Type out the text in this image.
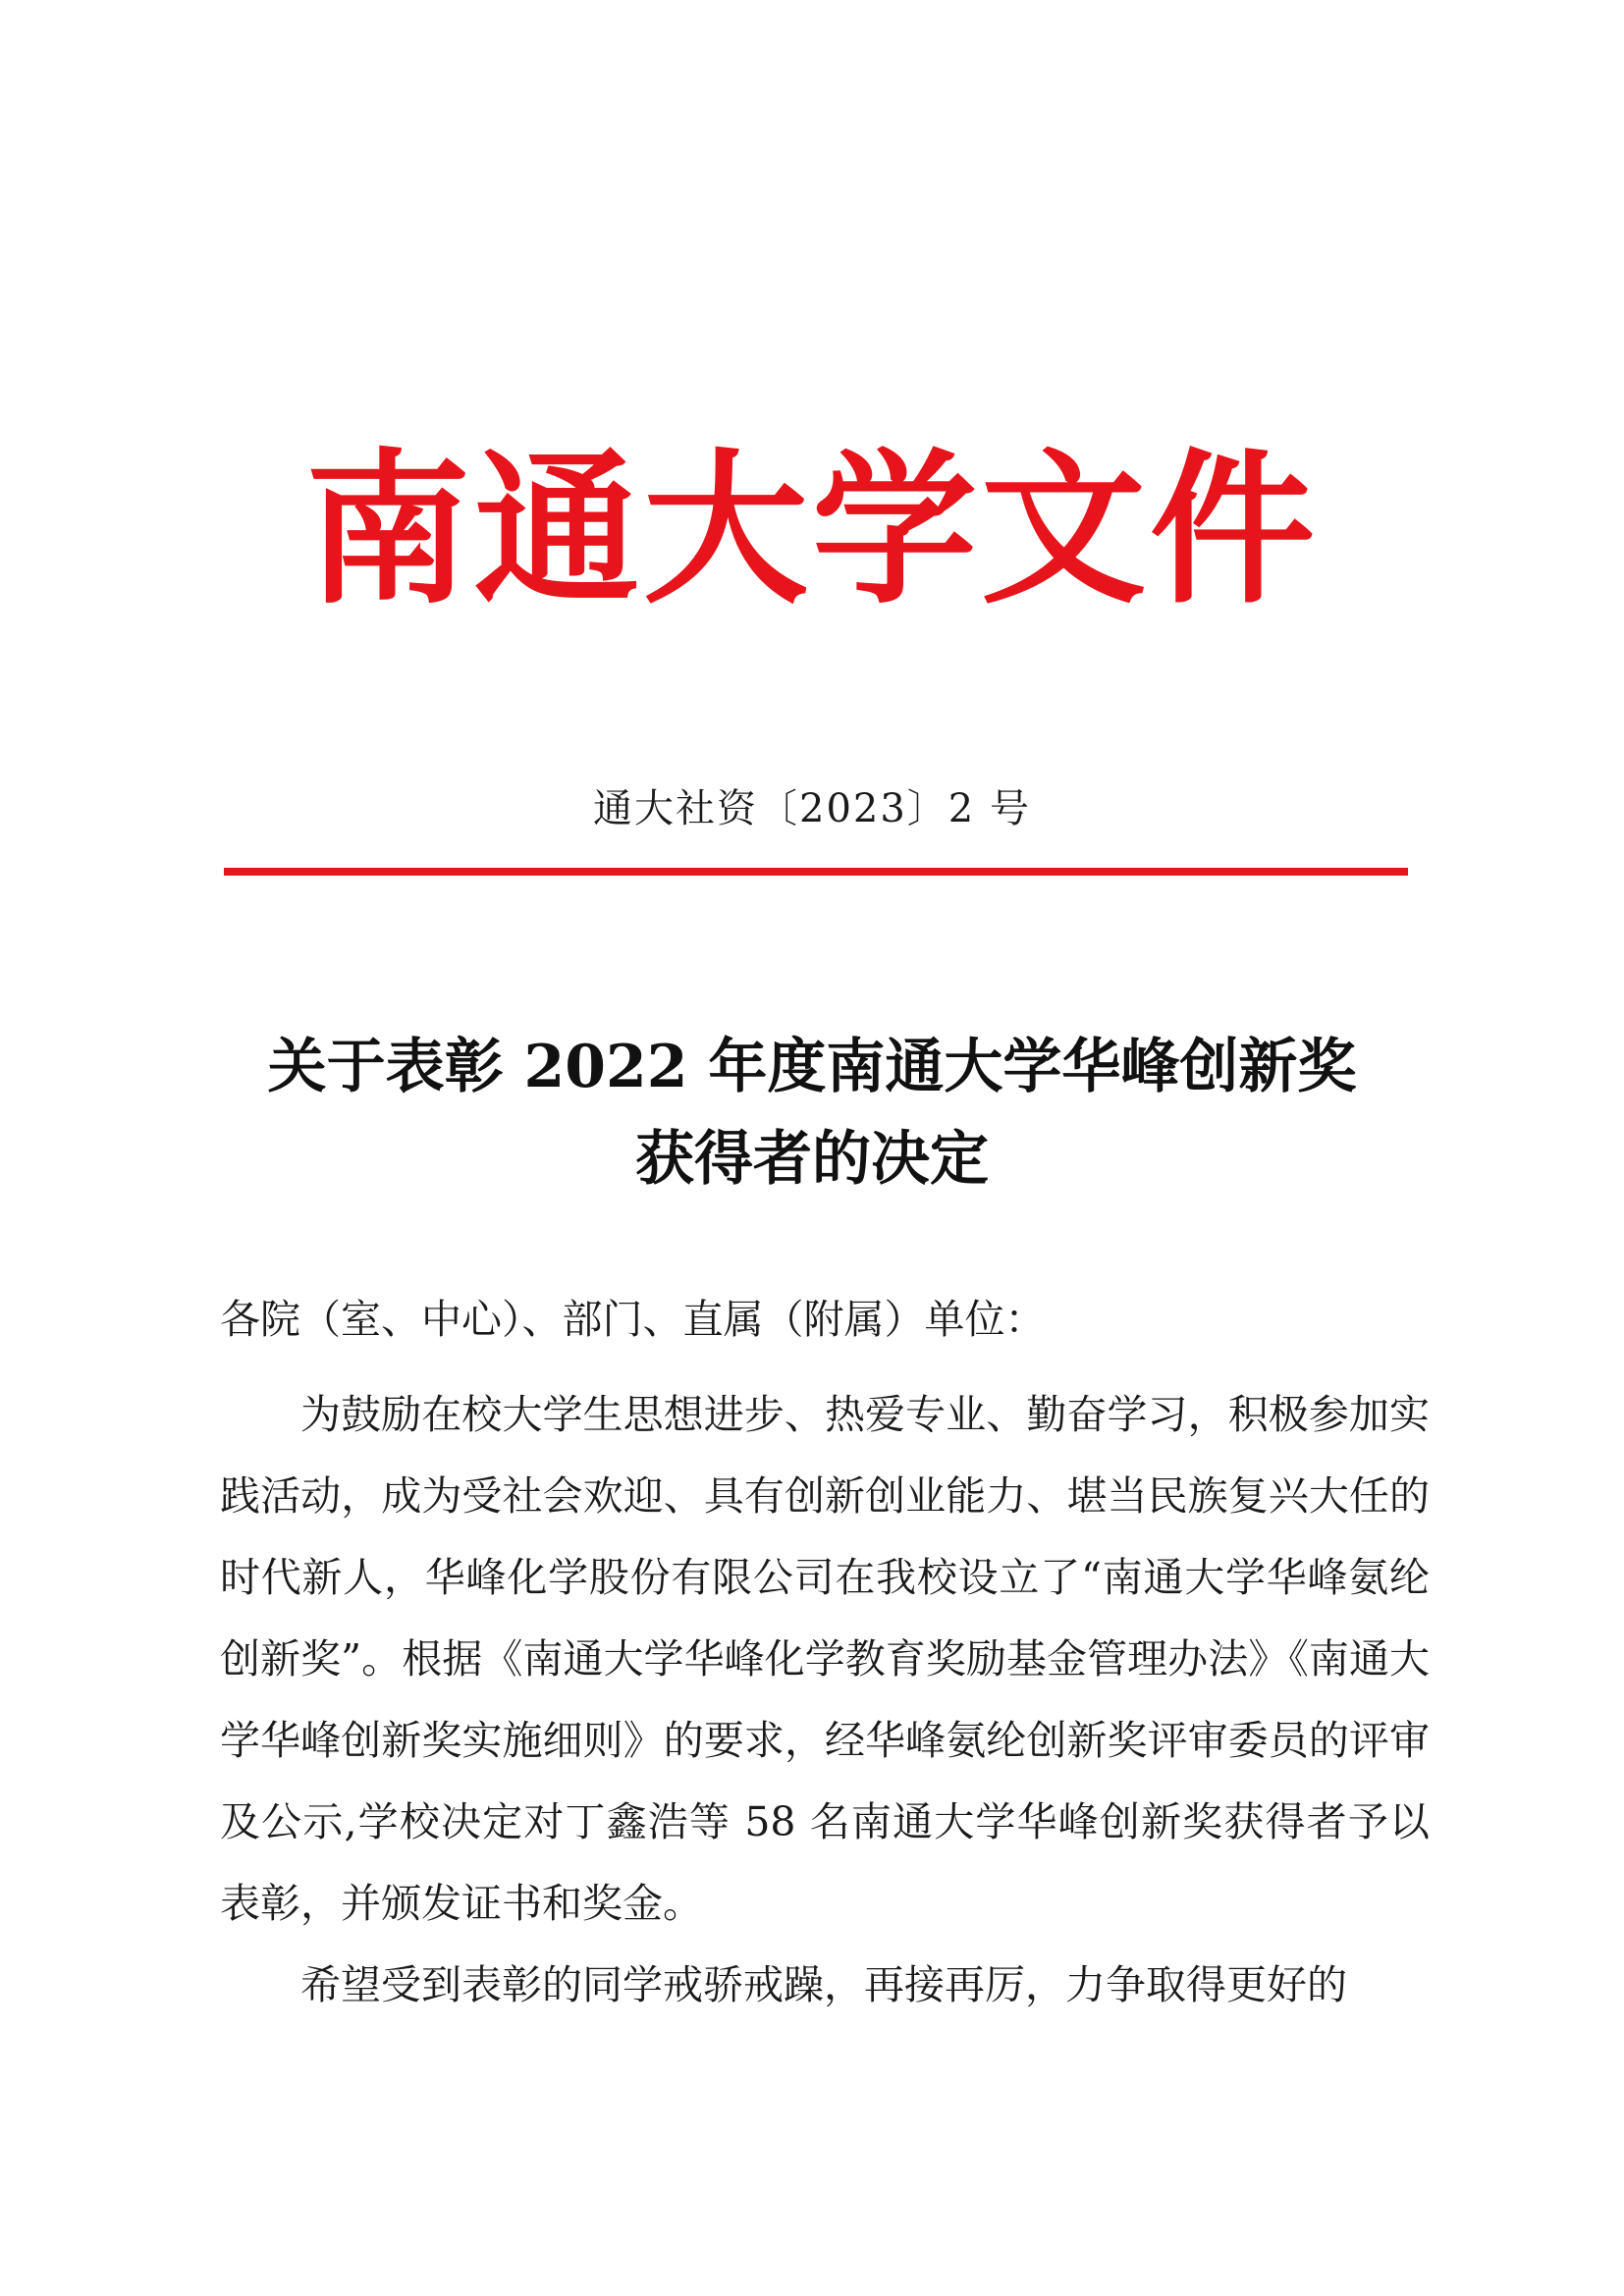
南通大学文件
通大社资〔2023〕2 号
关于表彰 2022 年度南通大学华峰创新奖
获得者的决定

各院（室、中心）、部门、直属（附属）单位：

为鼓励在校大学生思想进步、热爱专业、勤奋学习，积极参加实践活动，成为受社会欢迎、具有创新创业能力、堪当民族复兴大任的时代新人，华峰化学股份有限公司在我校设立了“南通大学华峰氨纶创新奖”。根据《南通大学华峰化学教育奖励基金管理办法》《南通大学华峰创新奖实施细则》的要求，经华峰氨纶创新奖评审委员的评审及公示,学校决定对丁鑫浩等 58 名南通大学华峰创新奖获得者予以表彰，并颁发证书和奖金。

希望受到表彰的同学戒骄戒躁，再接再厉，力争取得更好的
